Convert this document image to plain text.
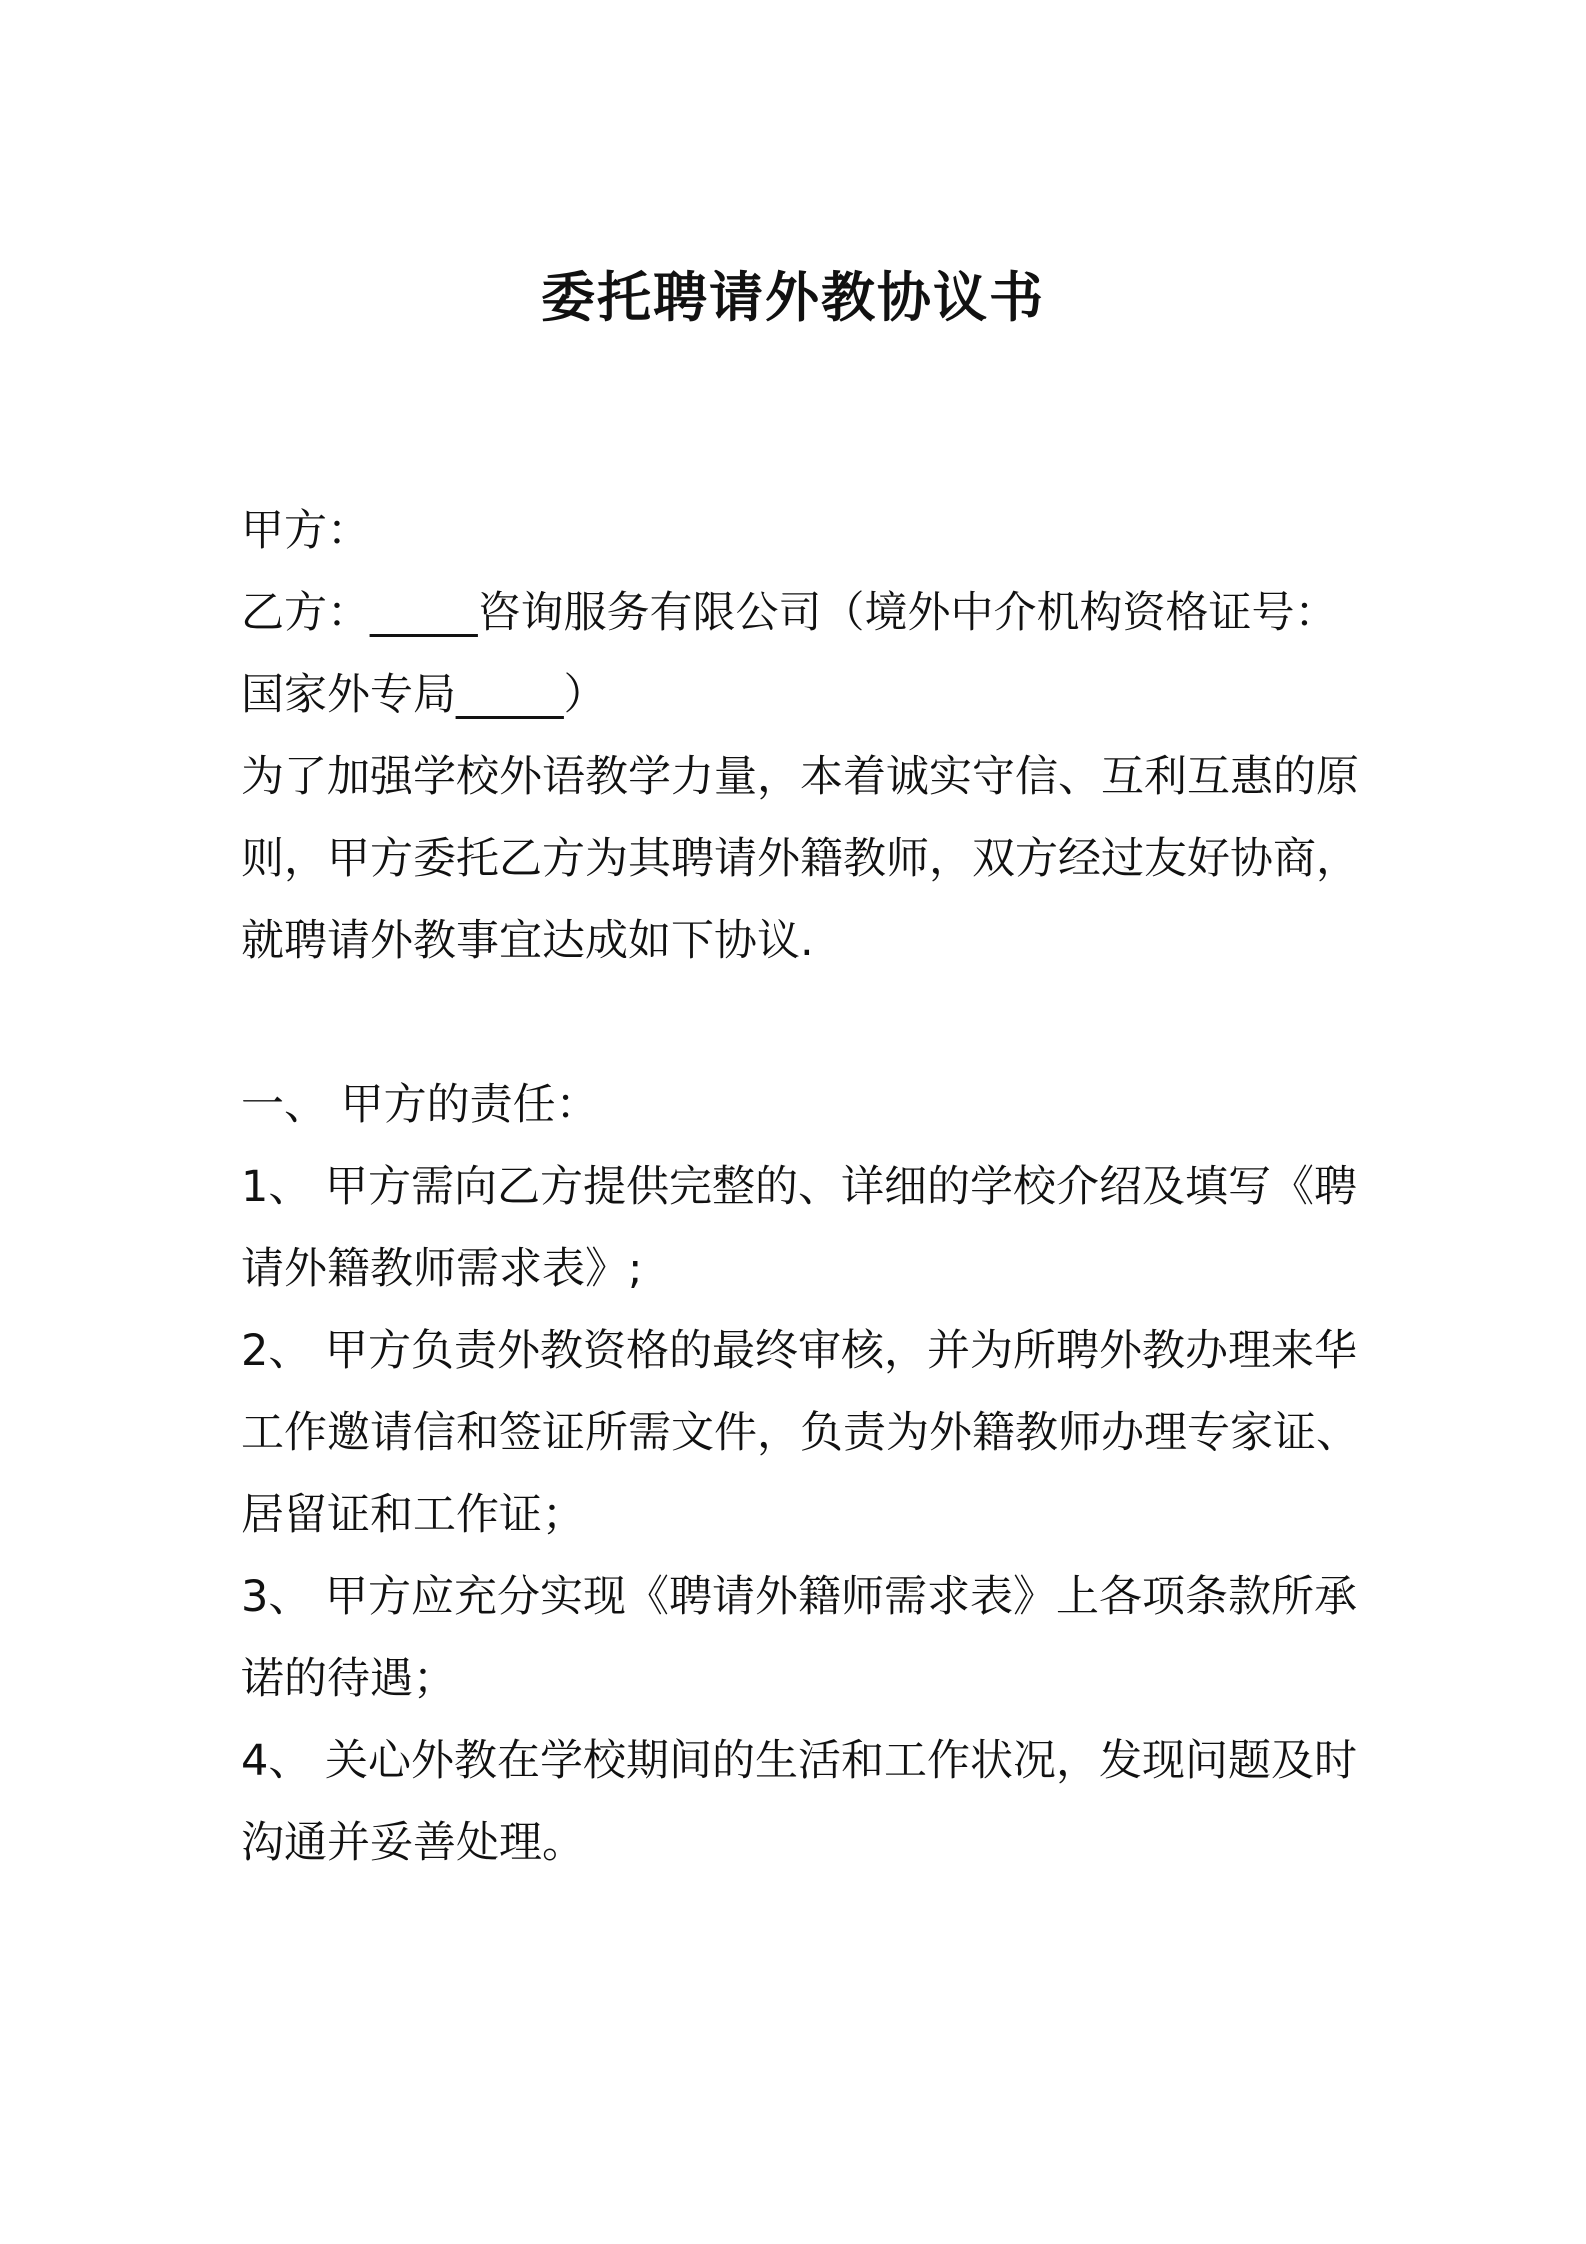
委托聘请外教协议书
甲方：
乙方：_____咨询服务有限公司（境外中介机构资格证号：
国家外专局_____）
为了加强学校外语教学力量，本着诚实守信、互利互惠的原
则，甲方委托乙方为其聘请外籍教师，双方经过友好协商，
就聘请外教事宜达成如下协议.
一、 甲方的责任：
1、 甲方需向乙方提供完整的、详细的学校介绍及填写《聘
请外籍教师需求表》;
2、 甲方负责外教资格的最终审核，并为所聘外教办理来华
工作邀请信和签证所需文件，负责为外籍教师办理专家证、
居留证和工作证；
3、 甲方应充分实现《聘请外籍师需求表》上各项条款所承
诺的待遇；
4、 关心外教在学校期间的生活和工作状况，发现问题及时
沟通并妥善处理。
